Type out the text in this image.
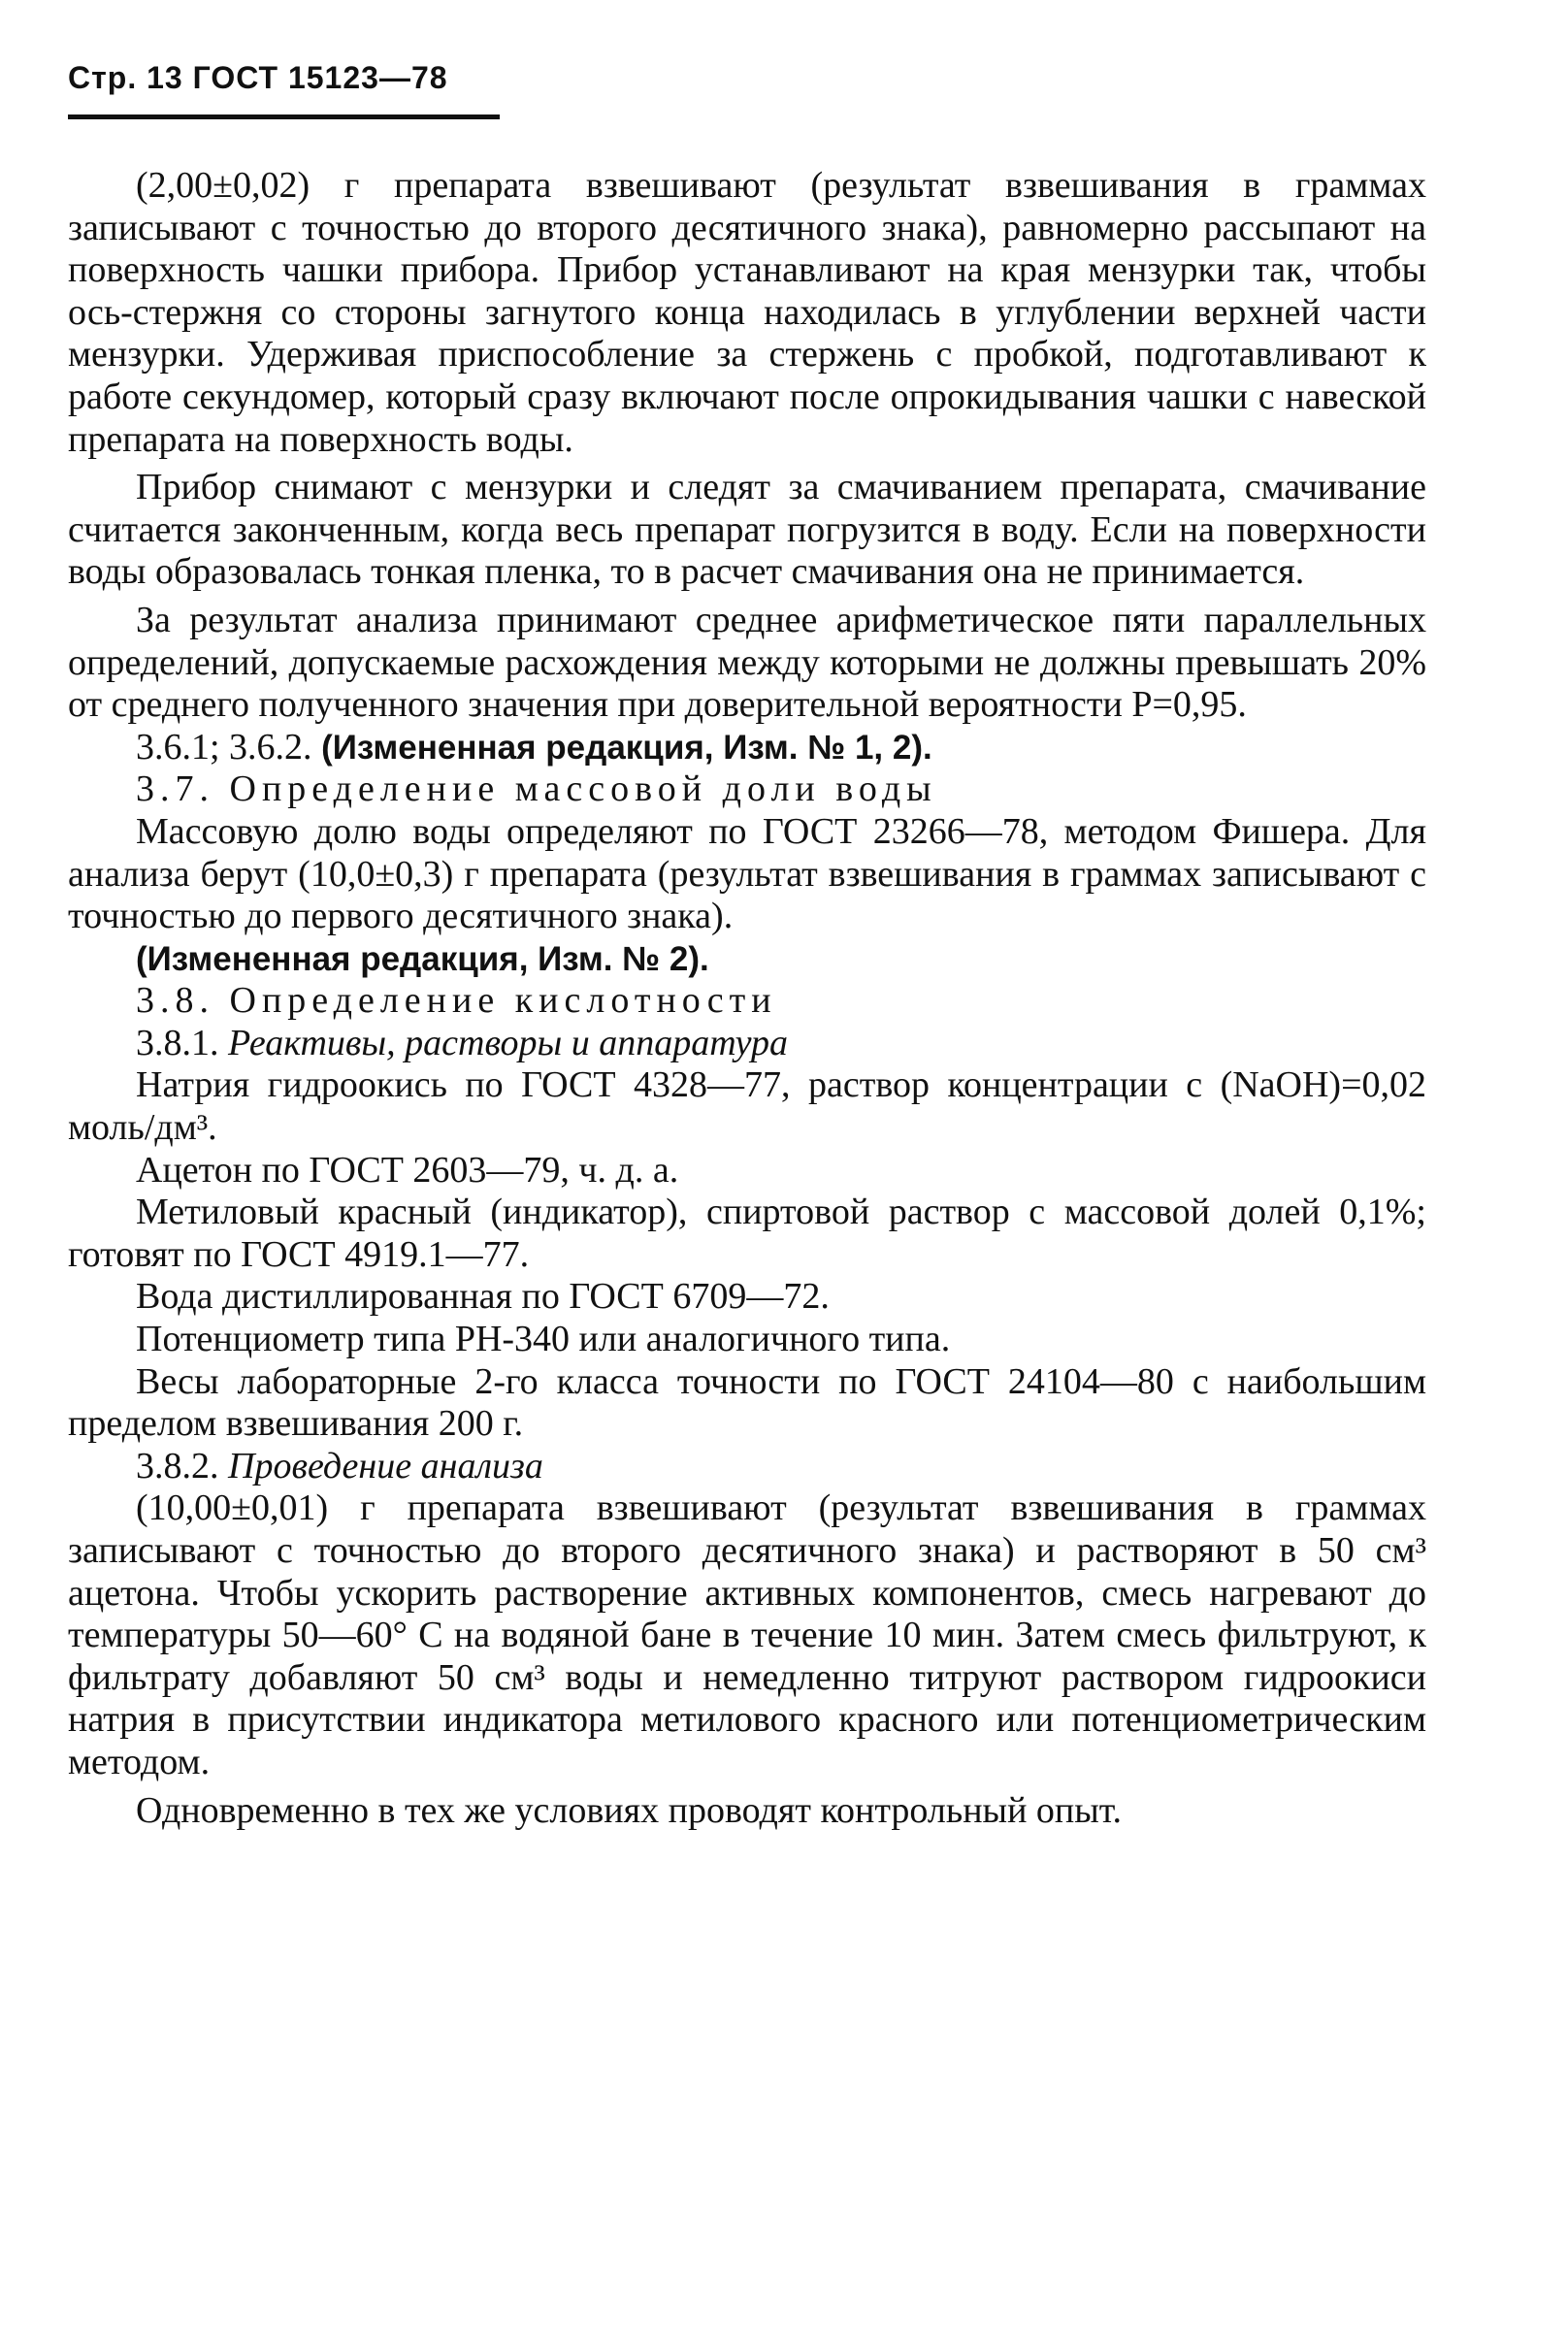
Стр. 13 ГОСТ 15123—78

(2,00±0,02) г препарата взвешивают (результат взвешивания в граммах записывают с точностью до второго десятичного знака), равномерно рассыпают на поверхность чашки прибора. Прибор устанавливают на края мензурки так, чтобы ось-стержня со стороны загнутого конца находилась в углублении верхней части мензурки. Удерживая приспособление за стержень с пробкой, подготавливают к работе секундомер, который сразу включают после опрокидывания чашки с навеской препарата на поверхность воды.

Прибор снимают с мензурки и следят за смачиванием препарата, смачивание считается законченным, когда весь препарат погрузится в воду. Если на поверхности воды образовалась тонкая пленка, то в расчет смачивания она не принимается.

За результат анализа принимают среднее арифметическое пяти параллельных определений, допускаемые расхождения между которыми не должны превышать 20% от среднего полученного значения при доверительной вероятности P=0,95.

3.6.1; 3.6.2. (Измененная редакция, Изм. № 1, 2).

3.7. Определение массовой доли воды

Массовую долю воды определяют по ГОСТ 23266—78, методом Фишера. Для анализа берут (10,0±0,3) г препарата (результат взвешивания в граммах записывают с точностью до первого десятичного знака).

(Измененная редакция, Изм. № 2).

3.8. Определение кислотности

3.8.1. Реактивы, растворы и аппаратура

Натрия гидроокись по ГОСТ 4328—77, раствор концентрации c (NaOH)=0,02 моль/дм³.

Ацетон по ГОСТ 2603—79, ч. д. а.

Метиловый красный (индикатор), спиртовой раствор с массовой долей 0,1%; готовят по ГОСТ 4919.1—77.

Вода дистиллированная по ГОСТ 6709—72.

Потенциометр типа РН-340 или аналогичного типа.

Весы лабораторные 2-го класса точности по ГОСТ 24104—80 с наибольшим пределом взвешивания 200 г.

3.8.2. Проведение анализа

(10,00±0,01) г препарата взвешивают (результат взвешивания в граммах записывают с точностью до второго десятичного знака) и растворяют в 50 см³ ацетона. Чтобы ускорить растворение активных компонентов, смесь нагревают до температуры 50—60° С на водяной бане в течение 10 мин. Затем смесь фильтруют, к фильтрату добавляют 50 см³ воды и немедленно титруют раствором гидроокиси натрия в присутствии индикатора метилового красного или потенциометрическим методом.

Одновременно в тех же условиях проводят контрольный опыт.
